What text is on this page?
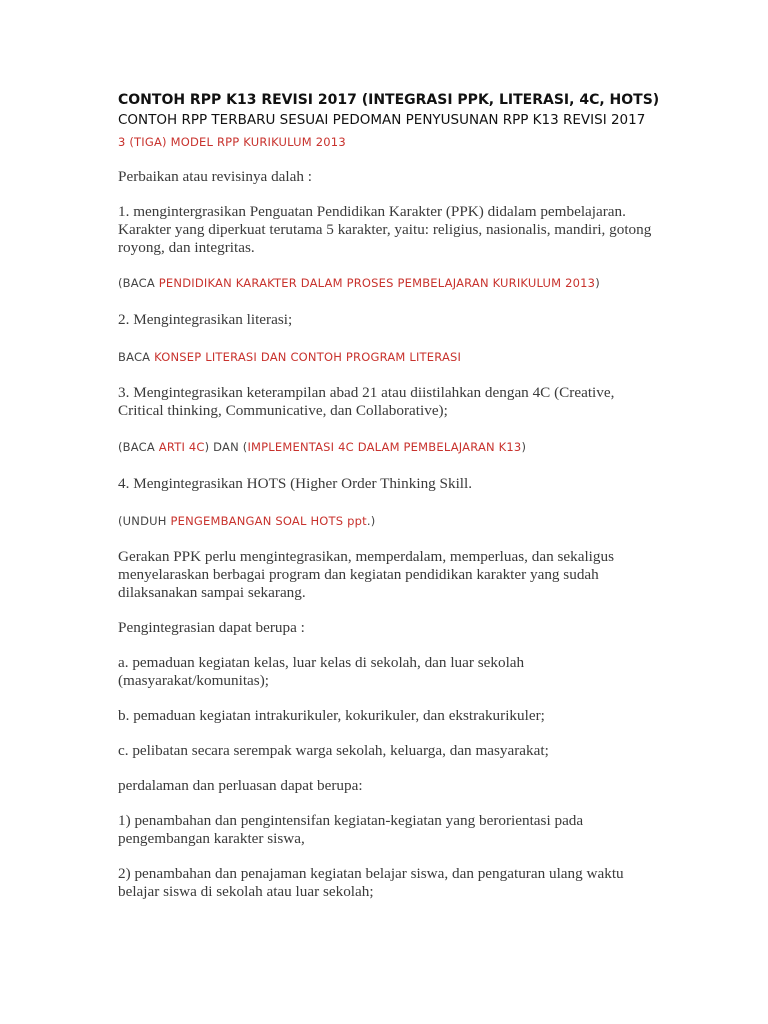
CONTOH RPP K13 REVISI 2017 (INTEGRASI PPK, LITERASI, 4C, HOTS)

CONTOH RPP TERBARU SESUAI PEDOMAN PENYUSUNAN RPP K13 REVISI 2017

3 (TIGA) MODEL RPP KURIKULUM 2013

Perbaikan atau revisinya dalah :

1. mengintergrasikan Penguatan Pendidikan Karakter (PPK) didalam pembelajaran. Karakter yang diperkuat terutama 5 karakter, yaitu: religius, nasionalis, mandiri, gotong royong, dan integritas.

(BACA PENDIDIKAN KARAKTER DALAM PROSES PEMBELAJARAN KURIKULUM 2013)

2. Mengintegrasikan literasi;

BACA KONSEP LITERASI DAN CONTOH PROGRAM LITERASI

3. Mengintegrasikan keterampilan abad 21 atau diistilahkan dengan 4C (Creative, Critical thinking, Communicative, dan Collaborative);

(BACA ARTI 4C) DAN (IMPLEMENTASI 4C DALAM PEMBELAJARAN K13)

4. Mengintegrasikan HOTS (Higher Order Thinking Skill.

(UNDUH PENGEMBANGAN SOAL HOTS ppt.)

Gerakan PPK perlu mengintegrasikan, memperdalam, memperluas, dan sekaligus menyelaraskan berbagai program dan kegiatan pendidikan karakter yang sudah dilaksanakan sampai sekarang.

Pengintegrasian dapat berupa :

a. pemaduan kegiatan kelas, luar kelas di sekolah, dan luar sekolah (masyarakat/komunitas);

b. pemaduan kegiatan intrakurikuler, kokurikuler, dan ekstrakurikuler;

c. pelibatan secara serempak warga sekolah, keluarga, dan masyarakat;

perdalaman dan perluasan dapat berupa:

1) penambahan dan pengintensifan kegiatan-kegiatan yang berorientasi pada pengembangan karakter siswa,

2) penambahan dan penajaman kegiatan belajar siswa, dan pengaturan ulang waktu belajar siswa di sekolah atau luar sekolah;
